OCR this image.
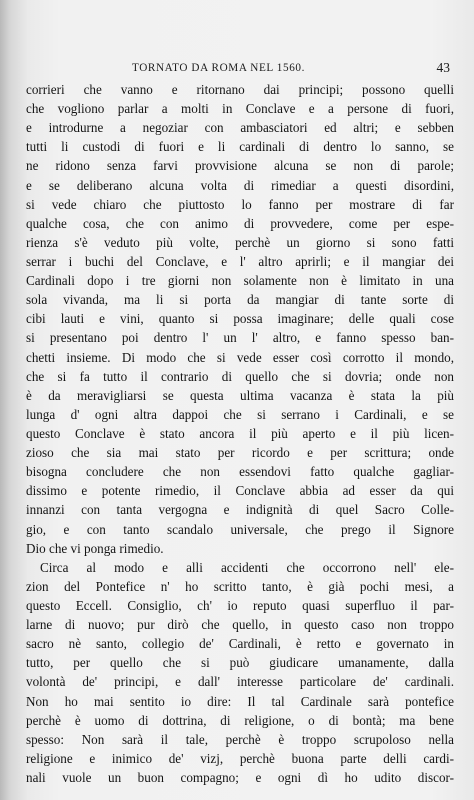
TORNATO DA ROMA NEL 1560.	43
corrieri che vanno e ritornano dai principi; possono quelli
che vogliono parlar a molti in Conclave e a persone di fuori,
e introdurne a negoziar con ambasciatori ed altri; e sebben
tutti li custodi di fuori e li cardinali di dentro lo sanno, se
ne ridono senza farvi provvisione alcuna se non di parole;
e se deliberano alcuna volta di rimediar a questi disordini,
si vede chiaro che piuttosto lo fanno per mostrare di far
qualche cosa, che con animo di provvedere, come per espe-
rienza s'è veduto più volte, perchè un giorno si sono fatti
serrar i buchi del Conclave, e l' altro aprirli; e il mangiar dei
Cardinali dopo i tre giorni non solamente non è limitato in una
sola vivanda, ma li si porta da mangiar di tante sorte di
cibi lauti e vini, quanto si possa imaginare; delle quali cose
si presentano poi dentro l' un l' altro, e fanno spesso ban-
chetti insieme. Di modo che si vede esser così corrotto il mondo,
che si fa tutto il contrario di quello che si dovria; onde non
è da meravigliarsi se questa ultima vacanza è stata la più
lunga d' ogni altra dappoi che si serrano i Cardinali, e se
questo Conclave è stato ancora il più aperto e il più licen-
zioso che sia mai stato per ricordo e per scrittura; onde
bisogna concludere che non essendovi fatto qualche gagliar-
dissimo e potente rimedio, il Conclave abbia ad esser da qui
innanzi con tanta vergogna e indignità di quel Sacro Colle-
gio, e con tanto scandalo universale, che prego il Signore
Dio che vi ponga rimedio.
Circa al modo e alli accidenti che occorrono nell' ele-
zion del Pontefice n' ho scritto tanto, è già pochi mesi, a
questo Eccell. Consiglio, ch' io reputo quasi superfluo il par-
larne di nuovo; pur dirò che quello, in questo caso non troppo
sacro nè santo, collegio de' Cardinali, è retto e governato in
tutto, per quello che si può giudicare umanamente, dalla
volontà de' principi, e dall' interesse particolare de' cardinali.
Non ho mai sentito io dire: Il tal Cardinale sarà pontefice
perchè è uomo di dottrina, di religione, o di bontà; ma bene
spesso: Non sarà il tale, perchè è troppo scrupoloso nella
religione e inimico de' vizj, perchè buona parte delli cardi-
nali vuole un buon compagno; e ogni dì ho udito discor-
